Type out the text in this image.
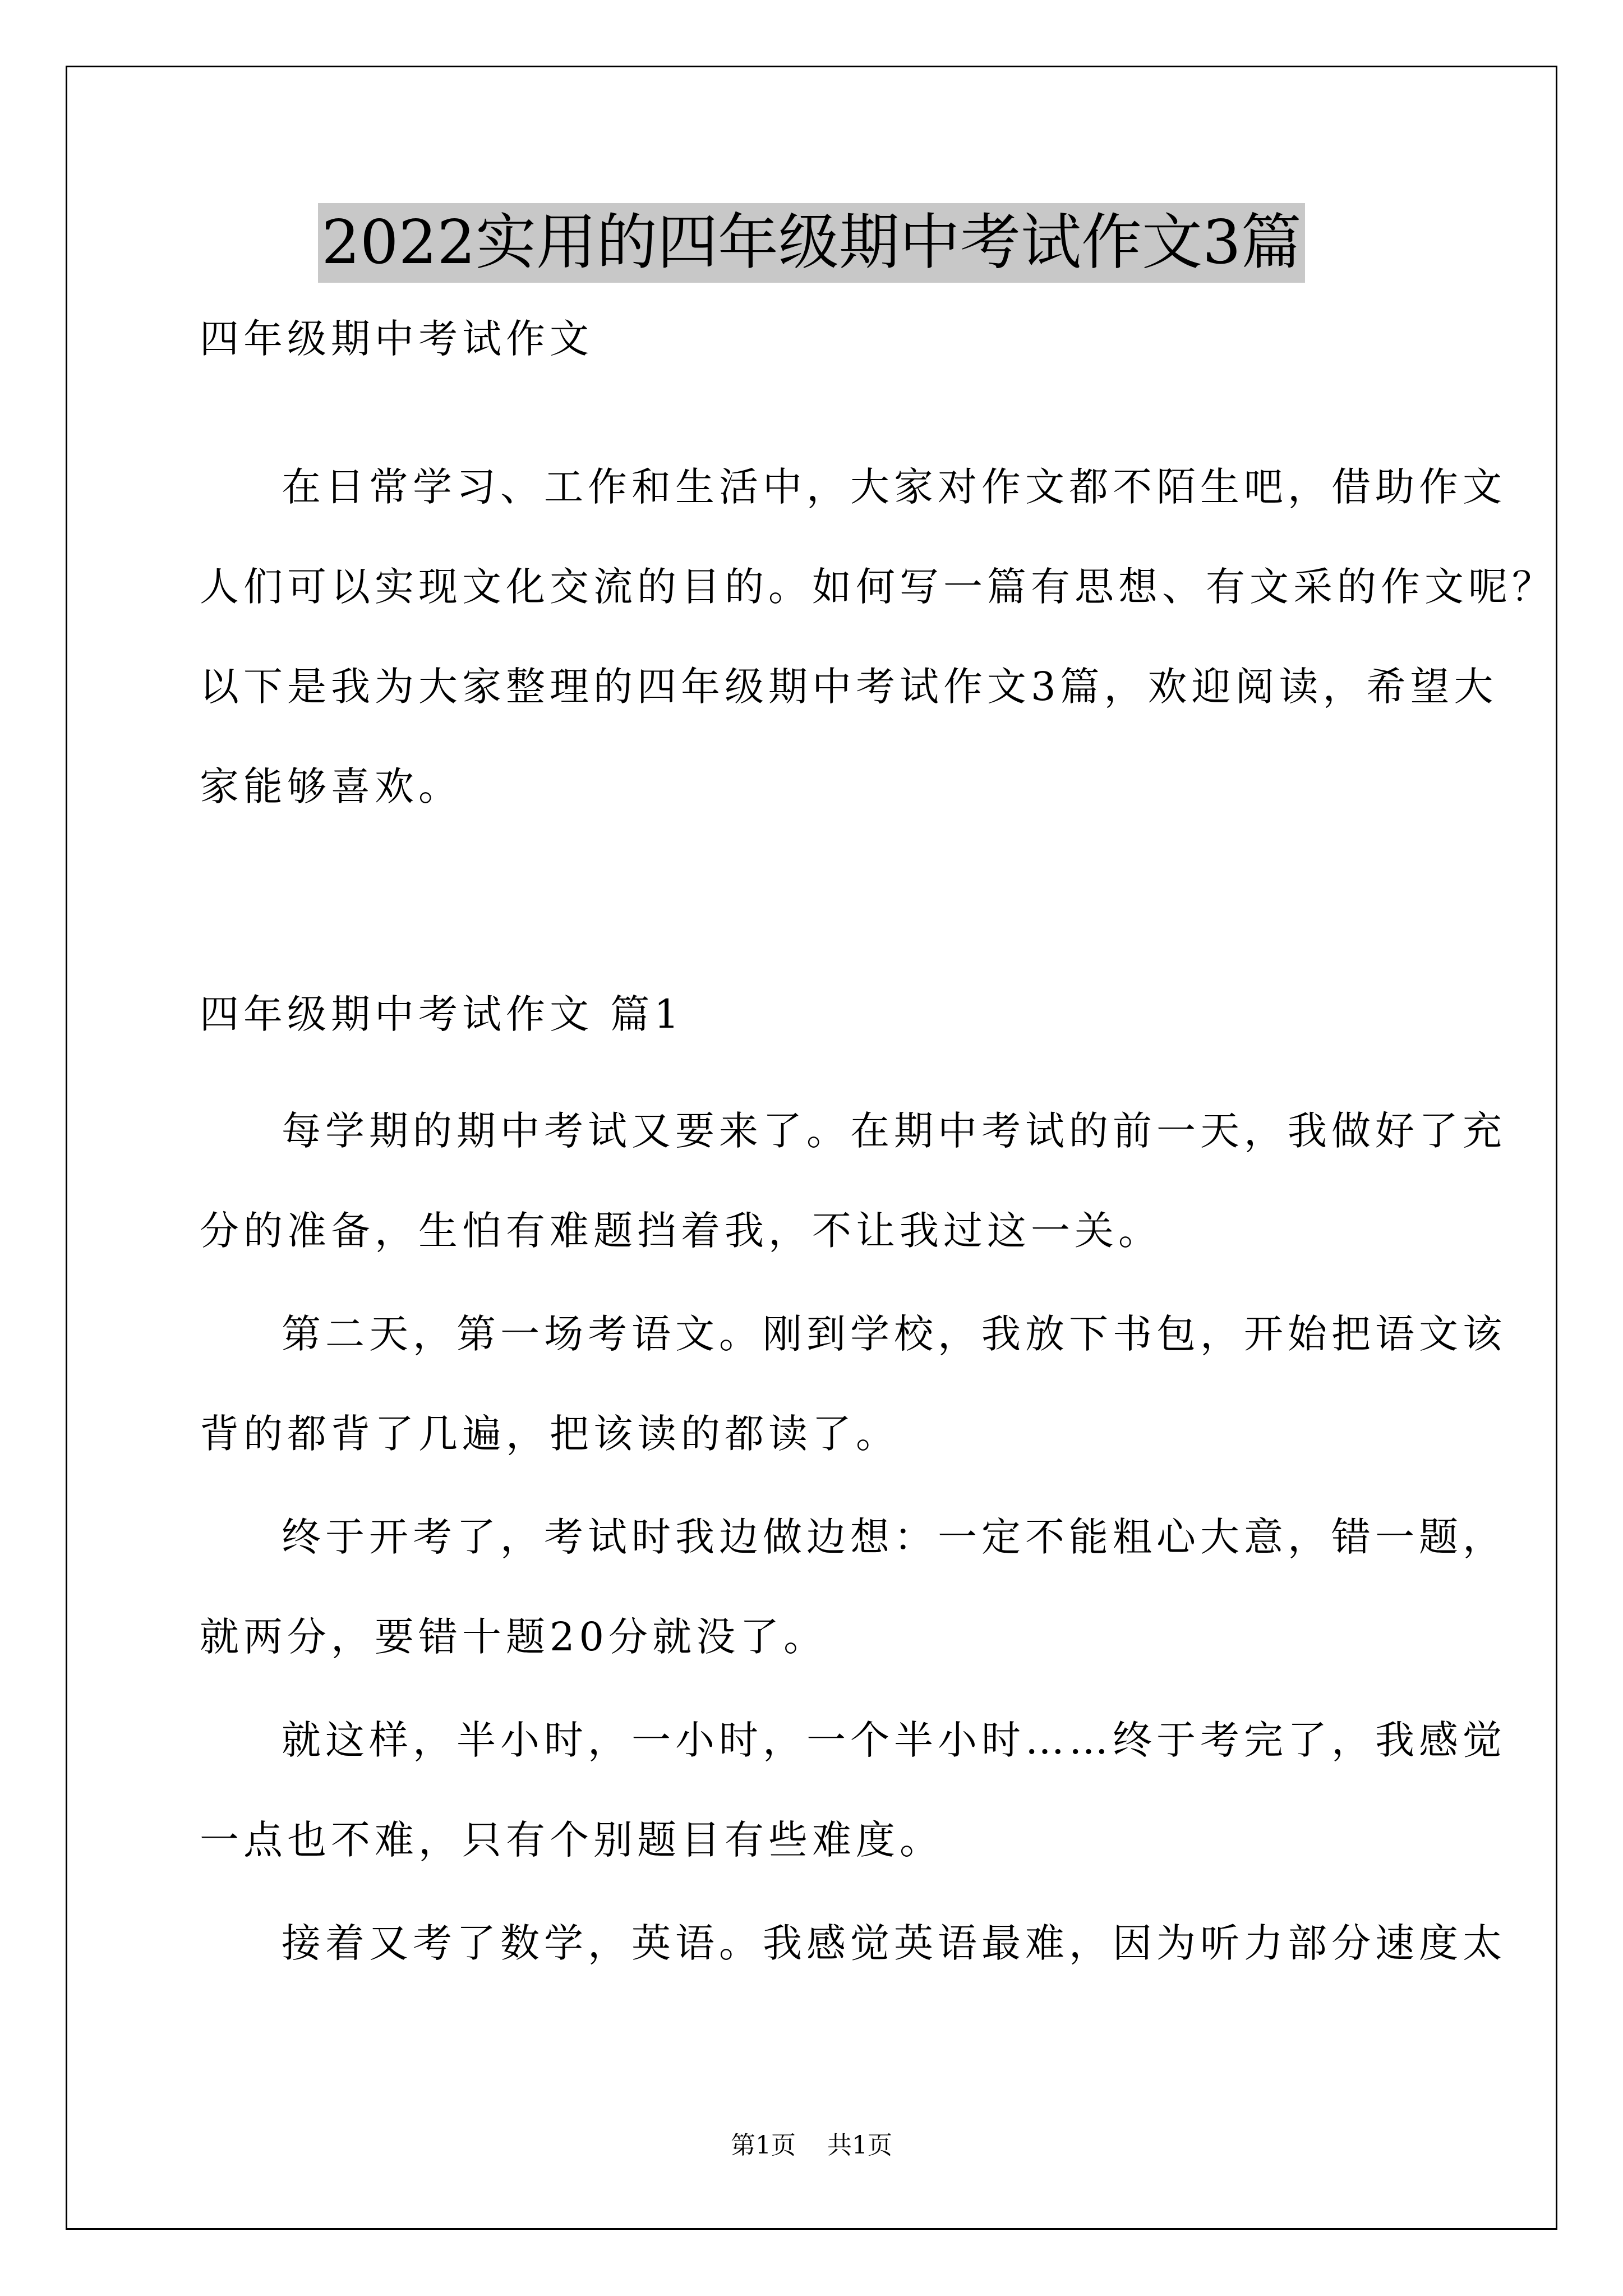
2022实用的四年级期中考试作文3篇
四年级期中考试作文
在日常学习、工作和生活中，大家对作文都不陌生吧，借助作文
人们可以实现文化交流的目的。如何写一篇有思想、有文采的作文呢？
以下是我为大家整理的四年级期中考试作文3篇，欢迎阅读，希望大
家能够喜欢。
四年级期中考试作文 篇1
每学期的期中考试又要来了。在期中考试的前一天，我做好了充
分的准备，生怕有难题挡着我，不让我过这一关。
第二天，第一场考语文。刚到学校，我放下书包，开始把语文该
背的都背了几遍，把该读的都读了。
终于开考了，考试时我边做边想：一定不能粗心大意，错一题，
就两分，要错十题20分就没了。
就这样，半小时，一小时，一个半小时……终于考完了，我感觉
一点也不难，只有个别题目有些难度。
接着又考了数学，英语。我感觉英语最难，因为听力部分速度太
第1页 共1页
